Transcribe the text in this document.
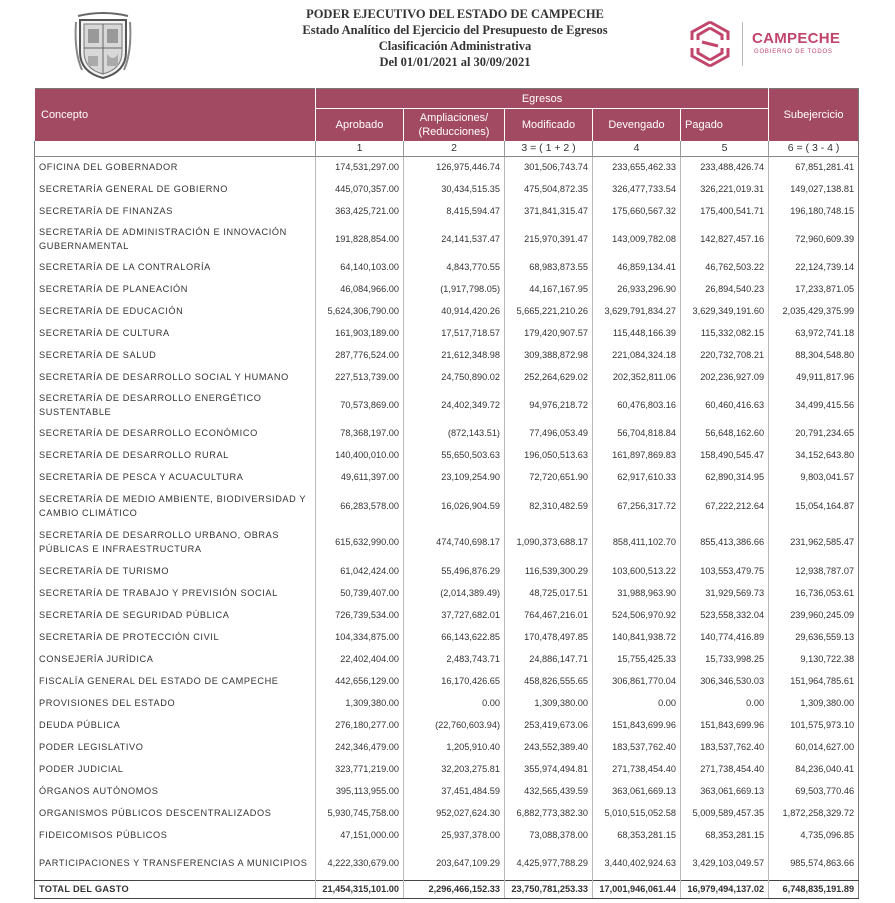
PODER EJECUTIVO DEL ESTADO DE CAMPECHE
Estado Analítico del Ejercicio del Presupuesto de Egresos
Clasificación Administrativa
Del 01/01/2021 al 30/09/2021
CAMPECHE
GOBIERNO DE TODOS
Concepto	Egresos					Subejercicio
	Aprobado	Ampliaciones/ (Reducciones)	Modificado	Devengado	Pagado	
	1	2	3 = ( 1 + 2 )	4	5	6 = ( 3 - 4 )
OFICINA DEL GOBERNADOR	174,531,297.00	126,975,446.74	301,506,743.74	233,655,462.33	233,488,426.74	67,851,281.41
SECRETARÍA GENERAL DE GOBIERNO	445,070,357.00	30,434,515.35	475,504,872.35	326,477,733.54	326,221,019.31	149,027,138.81
SECRETARÍA DE FINANZAS	363,425,721.00	8,415,594.47	371,841,315.47	175,660,567.32	175,400,541.71	196,180,748.15
SECRETARÍA DE ADMINISTRACIÓN E INNOVACIÓN GUBERNAMENTAL	191,828,854.00	24,141,537.47	215,970,391.47	143,009,782.08	142,827,457.16	72,960,609.39
SECRETARÍA DE LA CONTRALORÍA	64,140,103.00	4,843,770.55	68,983,873.55	46,859,134.41	46,762,503.22	22,124,739.14
SECRETARÍA DE PLANEACIÓN	46,084,966.00	(1,917,798.05)	44,167,167.95	26,933,296.90	26,894,540.23	17,233,871.05
SECRETARÍA DE EDUCACIÓN	5,624,306,790.00	40,914,420.26	5,665,221,210.26	3,629,791,834.27	3,629,349,191.60	2,035,429,375.99
SECRETARÍA DE CULTURA	161,903,189.00	17,517,718.57	179,420,907.57	115,448,166.39	115,332,082.15	63,972,741.18
SECRETARÍA DE SALUD	287,776,524.00	21,612,348.98	309,388,872.98	221,084,324.18	220,732,708.21	88,304,548.80
SECRETARÍA DE DESARROLLO SOCIAL Y HUMANO	227,513,739.00	24,750,890.02	252,264,629.02	202,352,811.06	202,236,927.09	49,911,817.96
SECRETARÍA DE DESARROLLO ENERGÉTICO SUSTENTABLE	70,573,869.00	24,402,349.72	94,976,218.72	60,476,803.16	60,460,416.63	34,499,415.56
SECRETARÍA DE DESARROLLO ECONÓMICO	78,368,197.00	(872,143.51)	77,496,053.49	56,704,818.84	56,648,162.60	20,791,234.65
SECRETARÍA DE DESARROLLO RURAL	140,400,010.00	55,650,503.63	196,050,513.63	161,897,869.83	158,490,545.47	34,152,643.80
SECRETARÍA DE PESCA Y ACUACULTURA	49,611,397.00	23,109,254.90	72,720,651.90	62,917,610.33	62,890,314.95	9,803,041.57
SECRETARÍA DE MEDIO AMBIENTE, BIODIVERSIDAD Y CAMBIO CLIMÁTICO	66,283,578.00	16,026,904.59	82,310,482.59	67,256,317.72	67,222,212.64	15,054,164.87
SECRETARÍA DE DESARROLLO URBANO, OBRAS PÚBLICAS E INFRAESTRUCTURA	615,632,990.00	474,740,698.17	1,090,373,688.17	858,411,102.70	855,413,386.66	231,962,585.47
SECRETARÍA DE TURISMO	61,042,424.00	55,496,876.29	116,539,300.29	103,600,513.22	103,553,479.75	12,938,787.07
SECRETARÍA DE TRABAJO Y PREVISIÓN SOCIAL	50,739,407.00	(2,014,389.49)	48,725,017.51	31,988,963.90	31,929,569.73	16,736,053.61
SECRETARÍA DE SEGURIDAD PÚBLICA	726,739,534.00	37,727,682.01	764,467,216.01	524,506,970.92	523,558,332.04	239,960,245.09
SECRETARÍA DE PROTECCIÓN CIVIL	104,334,875.00	66,143,622.85	170,478,497.85	140,841,938.72	140,774,416.89	29,636,559.13
CONSEJERÍA JURÍDICA	22,402,404.00	2,483,743.71	24,886,147.71	15,755,425.33	15,733,998.25	9,130,722.38
FISCALÍA GENERAL DEL ESTADO DE CAMPECHE	442,656,129.00	16,170,426.65	458,826,555.65	306,861,770.04	306,346,530.03	151,964,785.61
PROVISIONES DEL ESTADO	1,309,380.00	0.00	1,309,380.00	0.00	0.00	1,309,380.00
DEUDA PÚBLICA	276,180,277.00	(22,760,603.94)	253,419,673.06	151,843,699.96	151,843,699.96	101,575,973.10
PODER LEGISLATIVO	242,346,479.00	1,205,910.40	243,552,389.40	183,537,762.40	183,537,762.40	60,014,627.00
PODER JUDICIAL	323,771,219.00	32,203,275.81	355,974,494.81	271,738,454.40	271,738,454.40	84,236,040.41
ÓRGANOS AUTÓNOMOS	395,113,955.00	37,451,484.59	432,565,439.59	363,061,669.13	363,061,669.13	69,503,770.46
ORGANISMOS PÚBLICOS DESCENTRALIZADOS	5,930,745,758.00	952,027,624.30	6,882,773,382.30	5,010,515,052.58	5,009,589,457.35	1,872,258,329.72
FIDEICOMISOS PÚBLICOS	47,151,000.00	25,937,378.00	73,088,378.00	68,353,281.15	68,353,281.15	4,735,096.85
PARTICIPACIONES Y TRANSFERENCIAS A MUNICIPIOS	4,222,330,679.00	203,647,109.29	4,425,977,788.29	3,440,402,924.63	3,429,103,049.57	985,574,863.66
TOTAL DEL GASTO	21,454,315,101.00	2,296,466,152.33	23,750,781,253.33	17,001,946,061.44	16,979,494,137.02	6,748,835,191.89
